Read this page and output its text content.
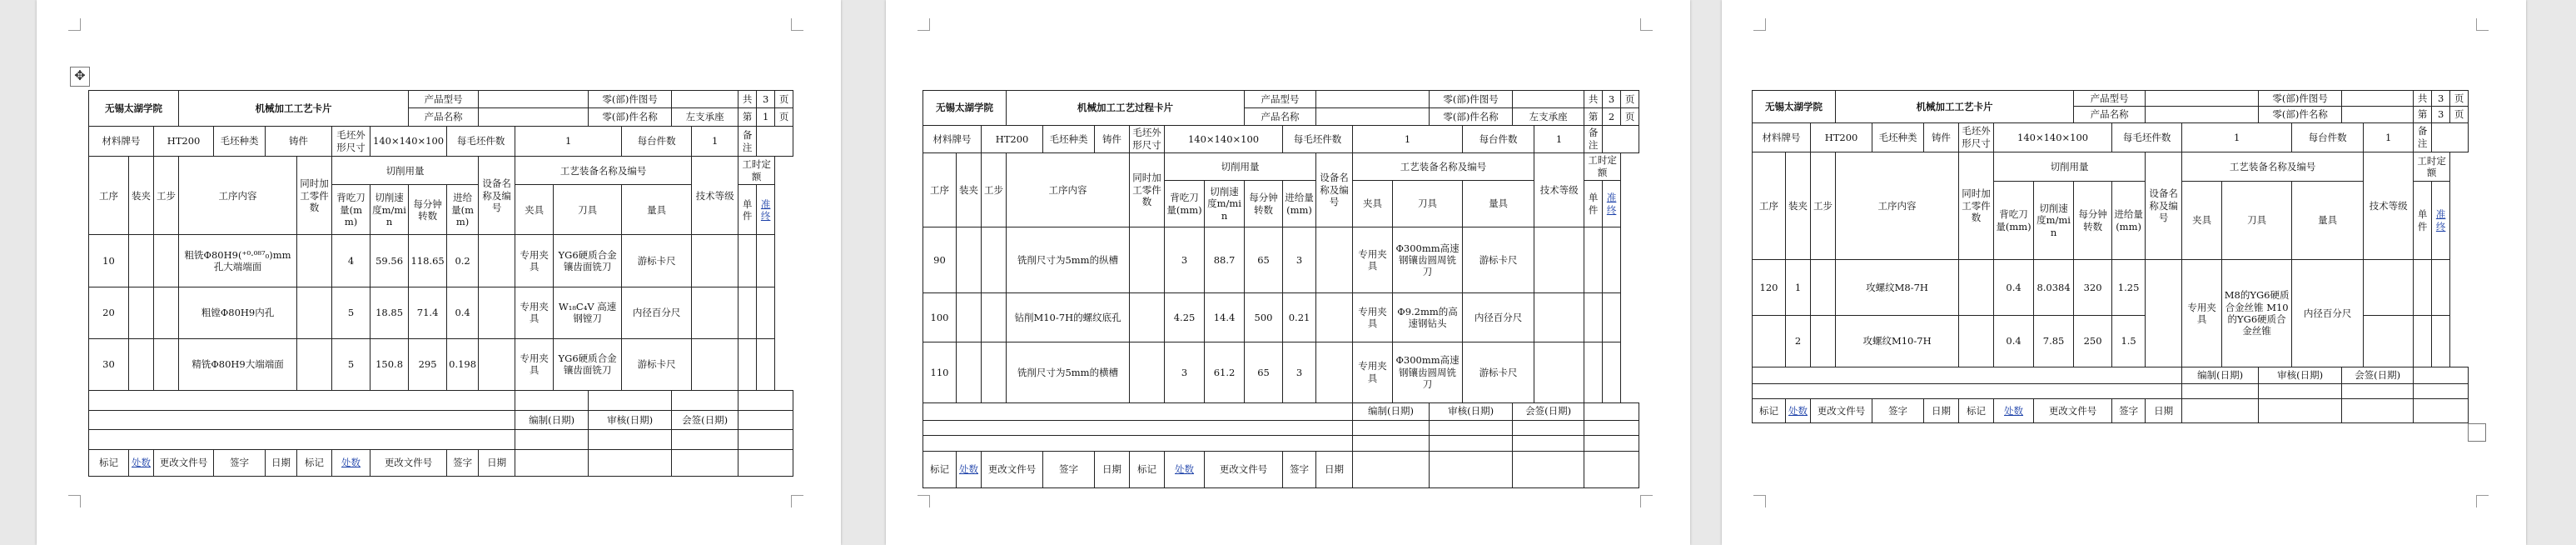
✥
无锡太湖学院			机械加工工艺卡片						产品型号					零(部)件图号				共	3	页
									产品名称					零(部)件名称		左支承座		第	1	页
材料牌号		HT200		毛坯种类	铸件		毛坯外形尺寸	140×140×100		每毛坯件数		1			每台件数		1	备注		
工序	装夹	工步	工序内容			同时加工零件数	切削用量				设备名称及编号	工艺装备名称及编号					技术等级	工时定额		
							背吃刀量(mm)	切削速度m/min	每分钟转数	进给量(mm)		夹具	刀具		量具			单件	准终	
10			粗铣Φ80H9(⁺⁰·⁰⁸⁷₀)mm孔大端端面				4	59.56	118.65	0.2		专用夹具	YG6硬质合金镶齿面铣刀		游标卡尺					
20			粗镗Φ80H9内孔				5	18.85	71.4	0.4		专用夹具	W₁₈C₄V 高速钢镗刀		内径百分尺					
30			精铣Φ80H9大端端面				5	150.8	295	0.198		专用夹具	YG6硬质合金镶齿面铣刀		游标卡尺					

												编制(日期)		审核(日期)		会签(日期)				

标记	处数	更改文件号		签字	日期	标记	处数	更改文件号		签字	日期									
无锡太湖学院			机械加工工艺过程卡片						产品型号					零(部)件图号				共	3	页
									产品名称					零(部)件名称		左支承座		第	2	页
材料牌号		HT200		毛坯种类	铸件	毛坯外形尺寸	140×140×100			每毛坯件数		1			每台件数		1	备注		
工序	装夹	工步	工序内容			同时加工零件数	切削用量				设备名称及编号	工艺装备名称及编号					技术等级	工时定额		
							背吃刀量(mm)	切削速度m/min	每分钟转数	进给量(mm)		夹具	刀具		量具			单件	准终	
90			铣削尺寸为5mm的纵槽				3	88.7	65	3		专用夹具	Φ300mm高速钢镶齿圆周铣刀		游标卡尺					
100			钻削M10-7H的螺纹底孔				4.25	14.4	500	0.21		专用夹具	Φ9.2mm的高速钢钻头		内径百分尺					
110			铣削尺寸为5mm的横槽				3	61.2	65	3		专用夹具	Φ300mm高速钢镶齿圆周铣刀		游标卡尺					
												编制(日期)		审核(日期)		会签(日期)				

标记	处数	更改文件号		签字	日期	标记	处数	更改文件号		签字	日期									
无锡太湖学院			机械加工工艺卡片						产品型号					零(部)件图号				共	3	页
									产品名称					零(部)件名称				第	3	页
材料牌号		HT200		毛坯种类	铸件	毛坯外形尺寸	140×140×100			每毛坯件数		1			每台件数		1	备注		
工序	装夹	工步	工序内容			同时加工零件数	切削用量				设备名称及编号	工艺装备名称及编号					技术等级	工时定额		
							背吃刀量(mm)	切削速度m/min	每分钟转数	进给量(mm)		夹具	刀具		量具			单件	准终	
120	1		攻螺纹M8-7H				0.4	8.0384	320	1.25		专用夹具	M8的YG6硬质合金丝锥 M10的YG6硬质合金丝锥		内径百分尺					
	2		攻螺纹M10-7H				0.4	7.85	250	1.5										
												编制(日期)		审核(日期)		会签(日期)				

标记	处数	更改文件号		签字	日期	标记	处数	更改文件号		签字	日期									
